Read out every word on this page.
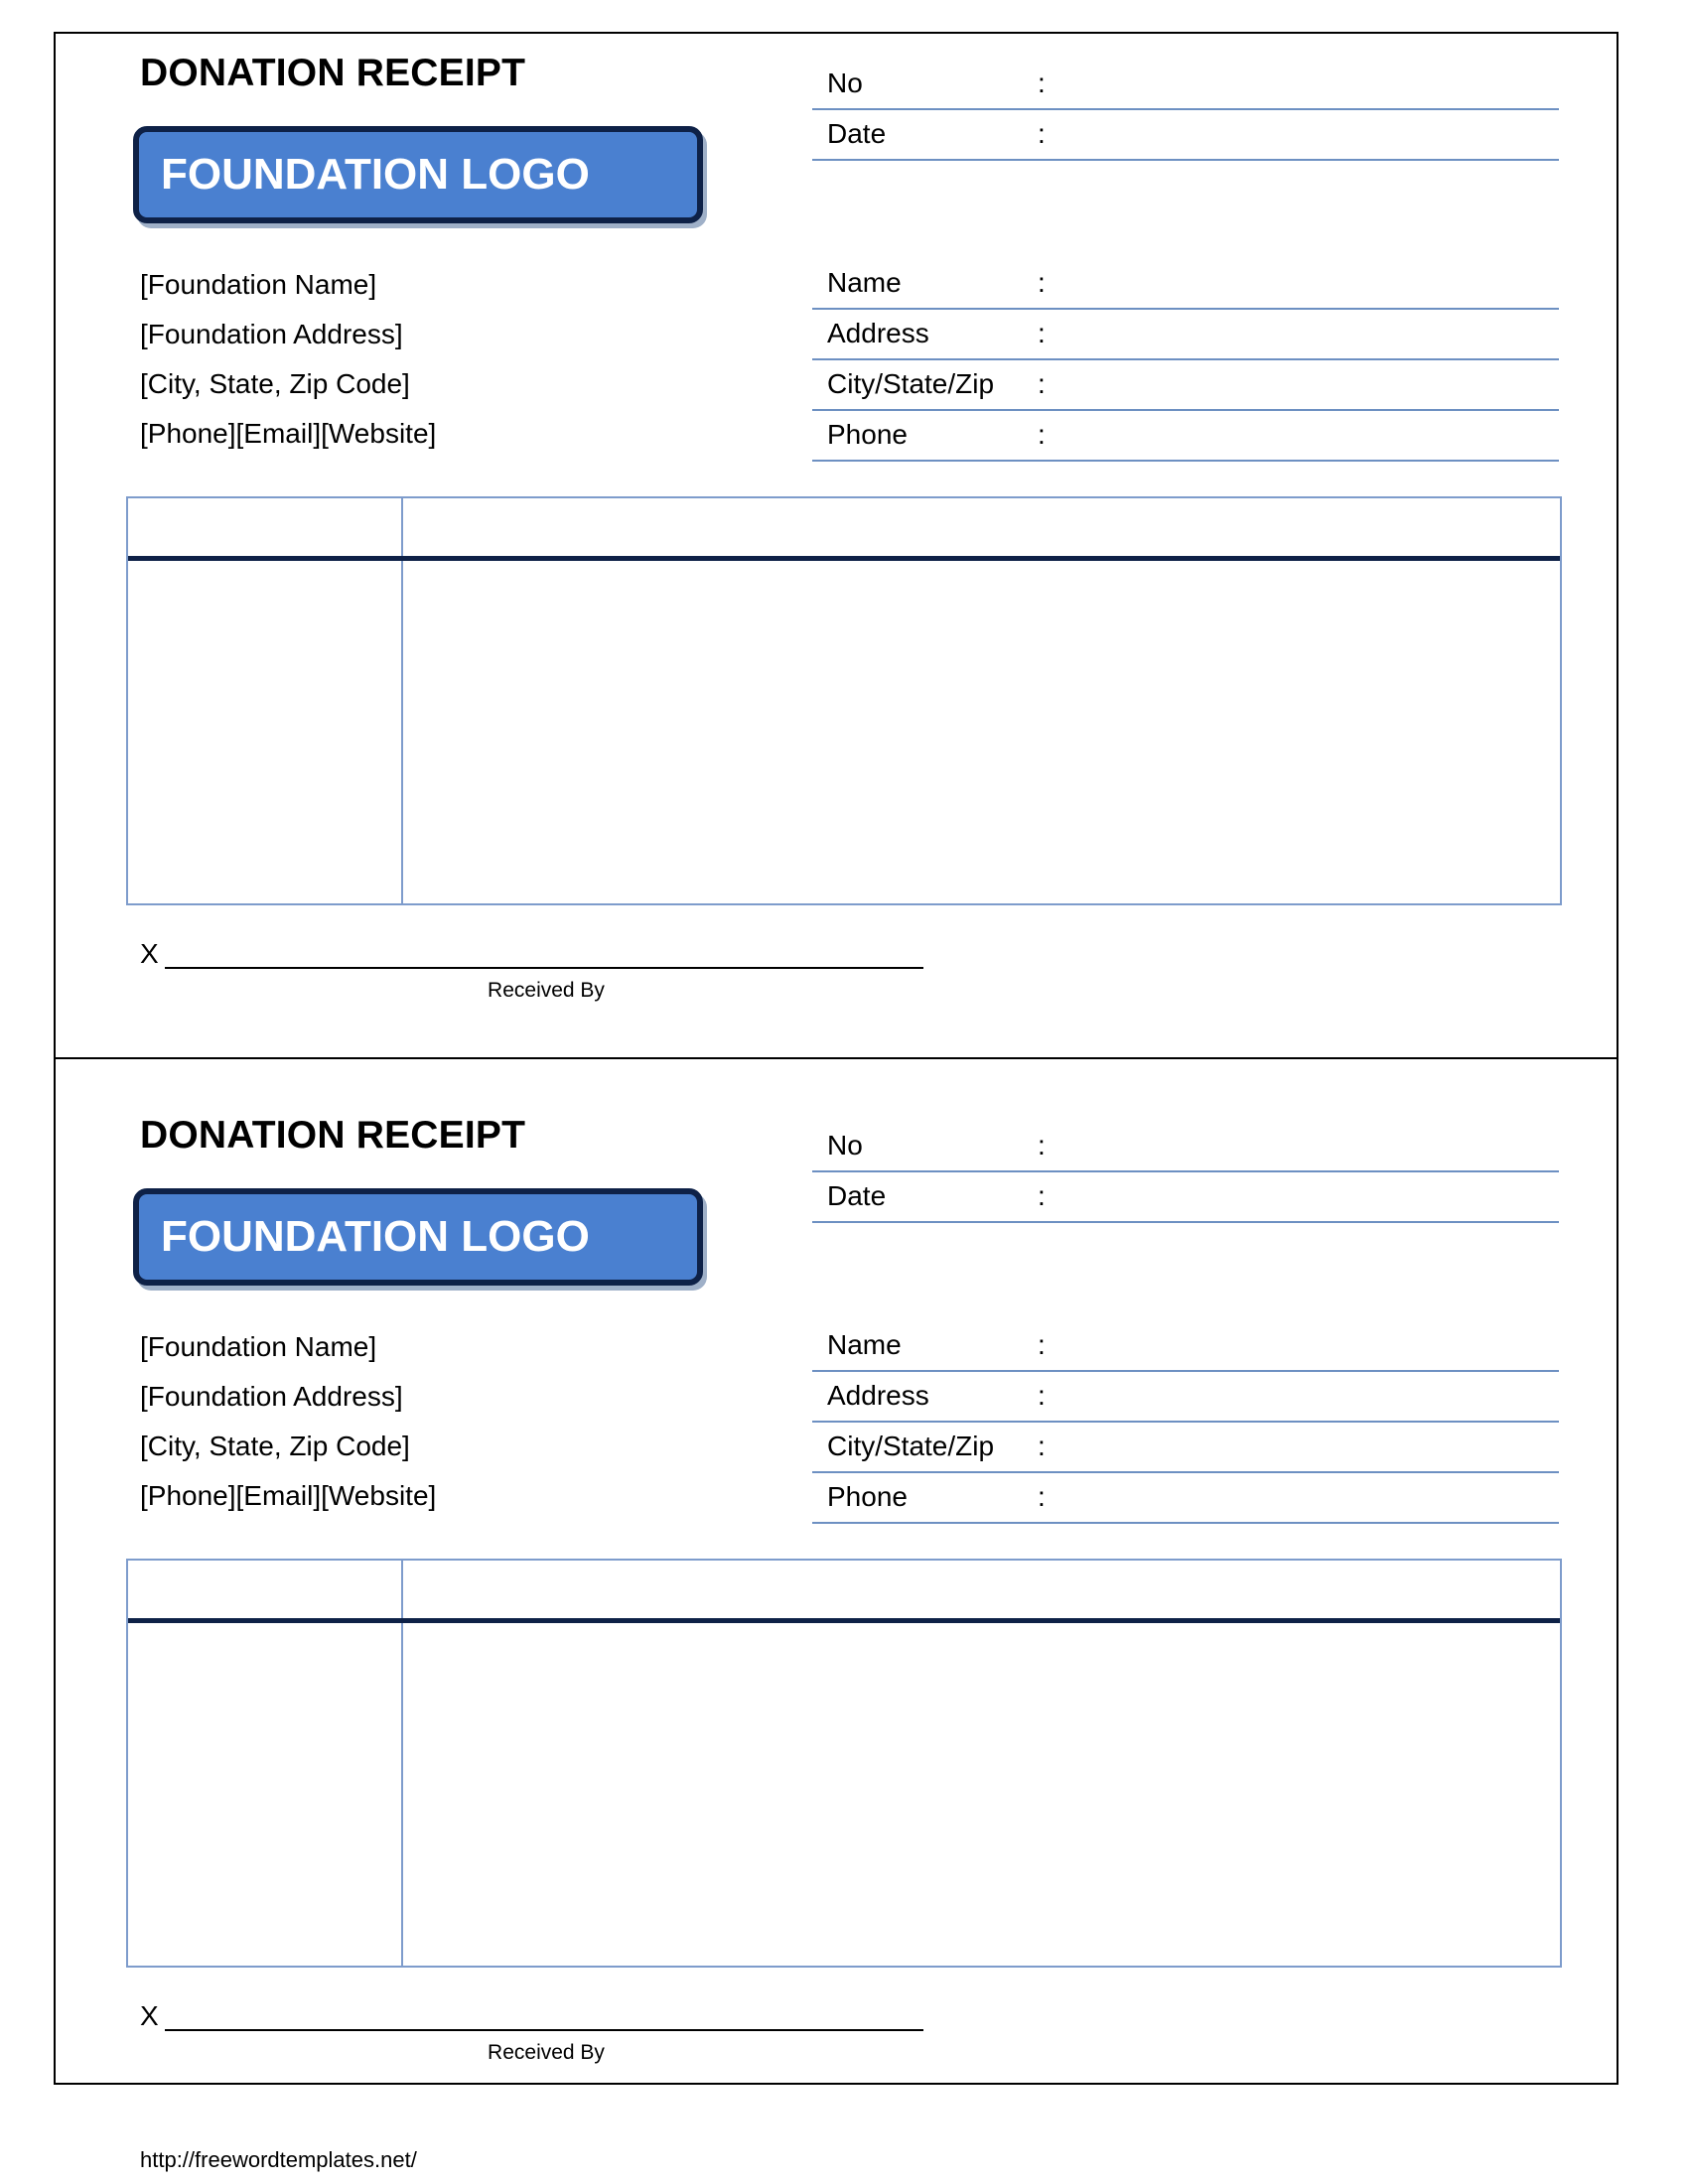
DONATION RECEIPT
FOUNDATION LOGO
[Foundation Name]
[Foundation Address]
[City, State, Zip Code]
[Phone][Email][Website]
No	:
Date	:
Name	:
Address	:
City/State/Zip :
Phone	:
X
Received By
DONATION RECEIPT
FOUNDATION LOGO
[Foundation Name]
[Foundation Address]
[City, State, Zip Code]
[Phone][Email][Website]
No	:
Date	:
Name	:
Address	:
City/State/Zip :
Phone	:
X
Received By
http://freewordtemplates.net/
